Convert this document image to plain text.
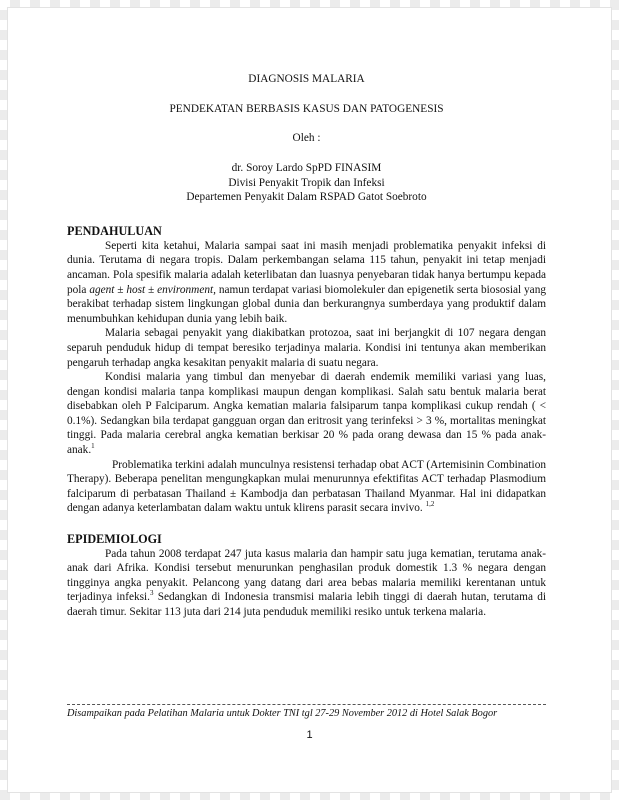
DIAGNOSIS MALARIA
PENDEKATAN BERBASIS KASUS DAN PATOGENESIS
Oleh :
dr. Soroy Lardo SpPD FINASIM
Divisi Penyakit Tropik dan Infeksi
Departemen Penyakit Dalam RSPAD Gatot Soebroto
PENDAHULUAN

Seperti kita ketahui, Malaria sampai saat ini masih menjadi problematika penyakit infeksi di dunia. Terutama di negara tropis. Dalam perkembangan selama 115 tahun, penyakit ini tetap menjadi ancaman. Pola spesifik malaria adalah keterlibatan dan luasnya penyebaran tidak hanya bertumpu kepada pola agent ± host ± environment, namun terdapat variasi biomolekuler dan epigenetik serta biososial yang berakibat terhadap sistem lingkungan global dunia dan berkurangnya sumberdaya yang produktif dalam menumbuhkan kehidupan dunia yang lebih baik.

Malaria sebagai penyakit yang diakibatkan protozoa, saat ini berjangkit di 107 negara dengan separuh penduduk hidup di tempat beresiko terjadinya malaria. Kondisi ini tentunya akan memberikan pengaruh terhadap angka kesakitan penyakit malaria di suatu negara.

Kondisi malaria yang timbul dan menyebar di daerah endemik memiliki variasi yang luas, dengan kondisi malaria tanpa komplikasi maupun dengan komplikasi. Salah satu bentuk malaria berat disebabkan oleh P Falciparum. Angka kematian malaria falsiparum tanpa komplikasi cukup rendah ( < 0.1%). Sedangkan bila terdapat gangguan organ dan eritrosit yang terinfeksi > 3 %, mortalitas meningkat tinggi. Pada malaria cerebral angka kematian berkisar 20 % pada orang dewasa dan 15 % pada anak-anak.$^1$

Problematika terkini adalah munculnya resistensi terhadap obat ACT (Artemisinin Combination Therapy). Beberapa penelitan mengungkapkan mulai menurunnya efektifitas ACT terhadap Plasmodium falciparum di perbatasan Thailand ± Kambodja dan perbatasan Thailand Myanmar. Hal ini didapatkan dengan adanya keterlambatan dalam waktu untuk klirens parasit secara invivo. $^{1,2}$

EPIDEMIOLOGI

Pada tahun 2008 terdapat 247 juta kasus malaria dan hampir satu juga kematian, terutama anak-anak dari Afrika. Kondisi tersebut menurunkan penghasilan produk domestik 1.3 % negara dengan tingginya angka penyakit. Pelancong yang datang dari area bebas malaria memiliki kerentanan untuk terjadinya infeksi.$^3$ Sedangkan di Indonesia transmisi malaria lebih tinggi di daerah hutan, terutama di daerah timur. Sekitar 113 juta dari 214 juta penduduk memiliki resiko untuk terkena malaria.

Disampaikan pada Pelatihan Malaria untuk Dokter TNI tgl 27-29 November 2012 di Hotel Salak Bogor
1
